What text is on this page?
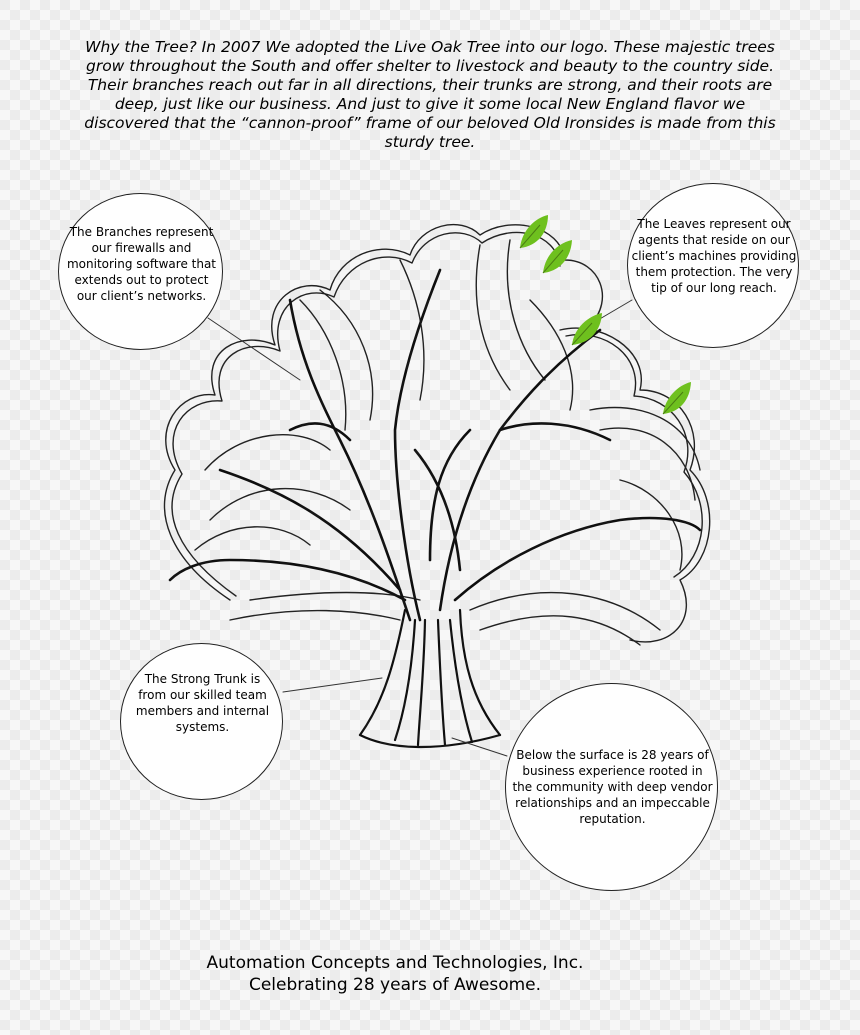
Why the Tree? In 2007 We adopted the Live Oak Tree into our logo. These majestic trees grow throughout the South and offer shelter to livestock and beauty to the country side. Their branches reach out far in all directions, their trunks are strong, and their roots are deep, just like our business. And just to give it some local New England flavor we discovered that the “cannon-proof” frame of our beloved Old Ironsides is made from this sturdy tree.

The Branches represent our firewalls and monitoring software that extends out to protect our client’s networks.

The Leaves represent our agents that reside on our client’s machines providing them protection. The very tip of our long reach.

The Strong Trunk is from our skilled team members and internal systems.

Below the surface is 28 years of business experience rooted in the community with deep vendor relationships and an impeccable reputation.

Automation Concepts and Technologies, Inc.
Celebrating 28 years of Awesome.
